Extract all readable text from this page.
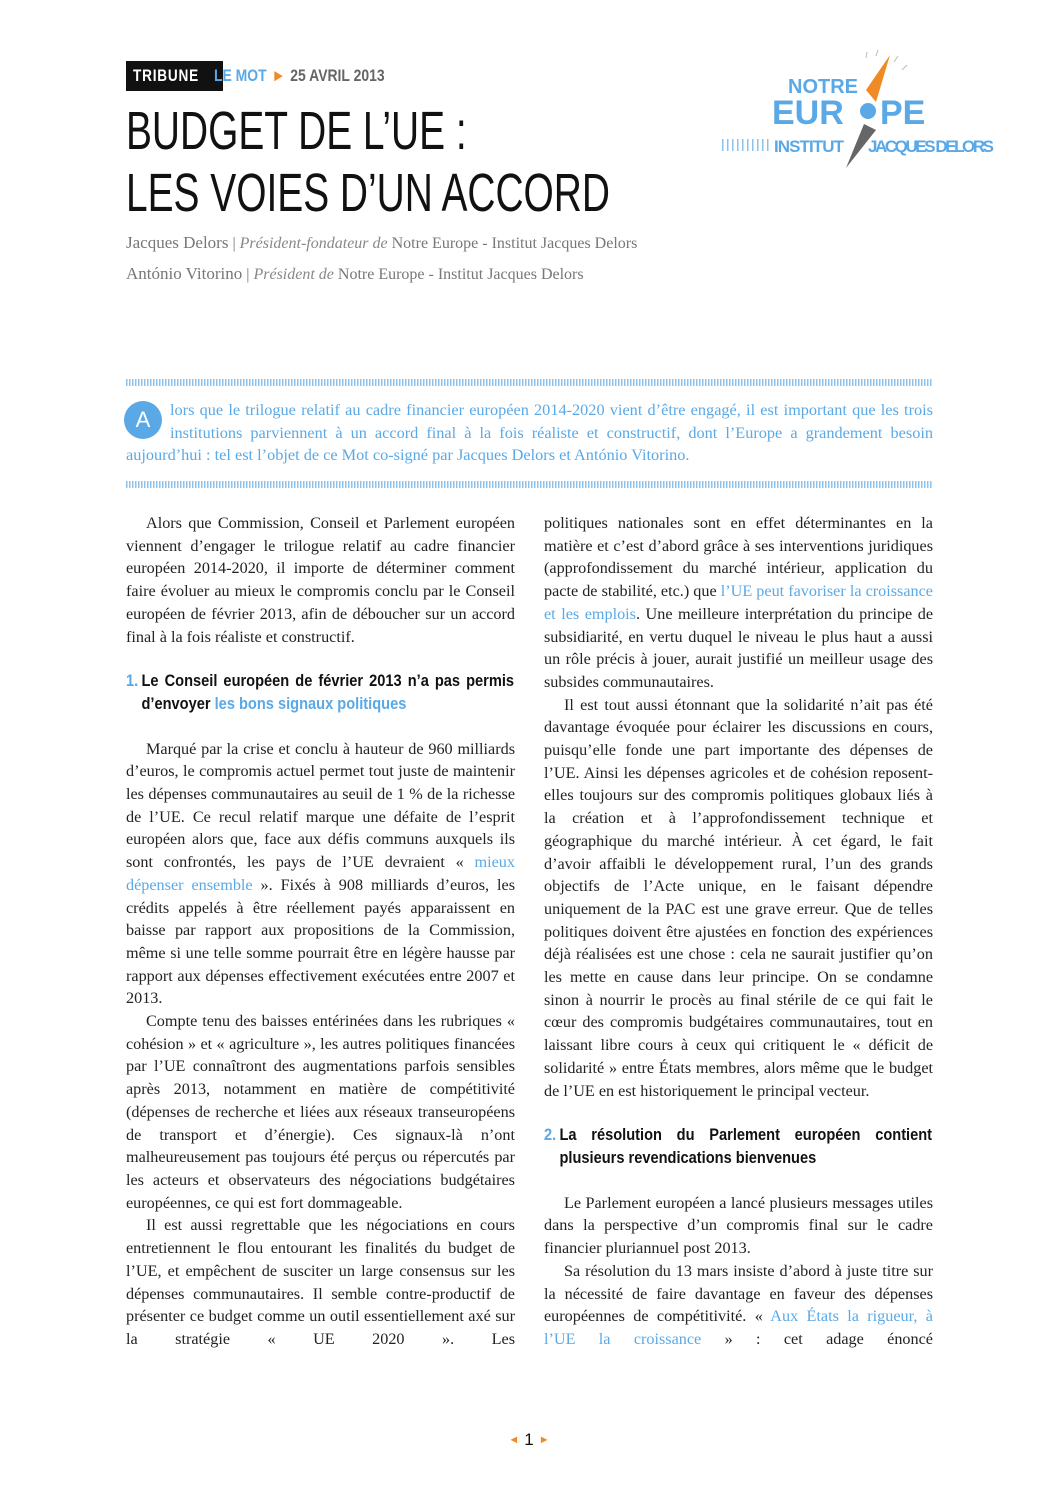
TRIBUNE LE MOT ► 25 AVRIL 2013
BUDGET DE L’UE :
LES VOIES D’UN ACCORD
Jacques Delors | Président-fondateur de Notre Europe - Institut Jacques Delors
António Vitorino | Président de Notre Europe - Institut Jacques Delors
NOTRE
EUR PE
INSTITUT JACQUES DELORS
A	lors que le trilogue relatif au cadre financier européen 2014-2020 vient d’être engagé, il est important que les trois institutions parviennent à un accord final à la fois réaliste et constructif, dont l’Europe a grandement besoin aujourd’hui : tel est l’objet de ce Mot co-signé par Jacques Delors et António Vitorino.

Alors que Commission, Conseil et Parlement européen viennent d’engager le trilogue relatif au cadre financier européen 2014-2020, il importe de déterminer comment faire évoluer au mieux le compromis conclu par le Conseil européen de février 2013, afin de déboucher sur un accord final à la fois réaliste et constructif.

1. Le Conseil européen de février 2013 n’a pas permis d’envoyer les bons signaux politiques

Marqué par la crise et conclu à hauteur de 960 milliards d’euros, le compromis actuel permet tout juste de maintenir les dépenses communautaires au seuil de 1 % de la richesse de l’UE. Ce recul relatif marque une défaite de l’esprit européen alors que, face aux défis communs auxquels ils sont confrontés, les pays de l’UE devraient « mieux dépenser ensemble ». Fixés à 908 milliards d’euros, les crédits appelés à être réellement payés apparaissent en baisse par rapport aux propositions de la Commission, même si une telle somme pourrait être en légère hausse par rapport aux dépenses effectivement exécutées entre 2007 et 2013.

Compte tenu des baisses entérinées dans les rubriques « cohésion » et « agriculture », les autres politiques financées par l’UE connaîtront des augmentations parfois sensibles après 2013, notamment en matière de compétitivité (dépenses de recherche et liées aux réseaux transeuropéens de transport et d’énergie). Ces signaux-là n’ont malheureusement pas toujours été perçus ou répercutés par les acteurs et observateurs des négociations budgétaires européennes, ce qui est fort dommageable.

Il est aussi regrettable que les négociations en cours entretiennent le flou entourant les finalités du budget de l’UE, et empêchent de susciter un large consensus sur les dépenses communautaires. Il semble contre-productif de présenter ce budget comme un outil essentiellement axé sur la stratégie « UE 2020 ». Les

politiques nationales sont en effet déterminantes en la matière et c’est d’abord grâce à ses interventions juridiques (approfondissement du marché intérieur, application du pacte de stabilité, etc.) que l’UE peut favoriser la croissance et les emplois. Une meilleure interprétation du principe de subsidiarité, en vertu duquel le niveau le plus haut a aussi un rôle précis à jouer, aurait justifié un meilleur usage des subsides communautaires.

Il est tout aussi étonnant que la solidarité n’ait pas été davantage évoquée pour éclairer les discussions en cours, puisqu’elle fonde une part importante des dépenses de l’UE. Ainsi les dépenses agricoles et de cohésion reposent-elles toujours sur des compromis politiques globaux liés à la création et à l’approfondissement technique et géographique du marché intérieur. À cet égard, le fait d’avoir affaibli le développement rural, l’un des grands objectifs de l’Acte unique, en le faisant dépendre uniquement de la PAC est une grave erreur. Que de telles politiques doivent être ajustées en fonction des expériences déjà réalisées est une chose : cela ne saurait justifier qu’on les mette en cause dans leur principe. On se condamne sinon à nourrir le procès au final stérile de ce qui fait le cœur des compromis budgétaires communautaires, tout en laissant libre cours à ceux qui critiquent le « déficit de solidarité » entre États membres, alors même que le budget de l’UE en est historiquement le principal vecteur.

2. La résolution du Parlement européen contient plusieurs revendications bienvenues

Le Parlement européen a lancé plusieurs messages utiles dans la perspective d’un compromis final sur le cadre financier pluriannuel post 2013.

Sa résolution du 13 mars insiste d’abord à juste titre sur la nécessité de faire davantage en faveur des dépenses européennes de compétitivité. « Aux États la rigueur, à l’UE la croissance » : cet adage énoncé

◄ 1 ►
